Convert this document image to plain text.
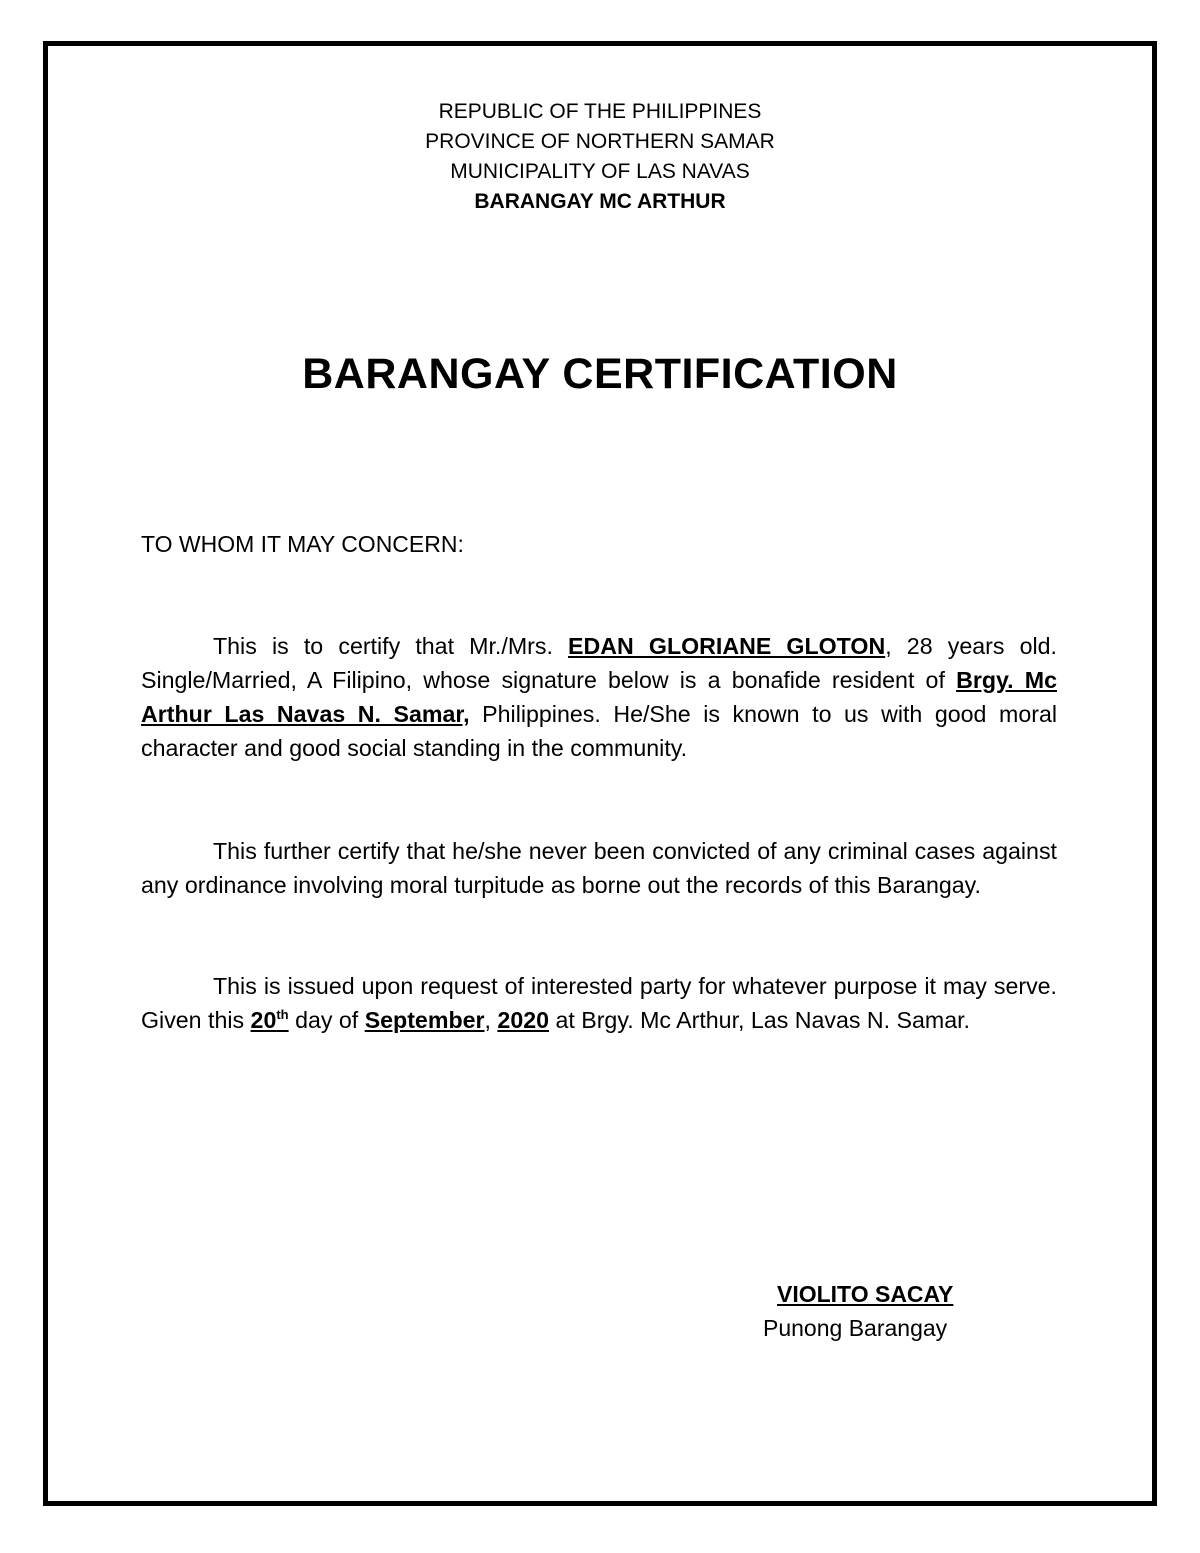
REPUBLIC OF THE PHILIPPINES
PROVINCE OF NORTHERN SAMAR
MUNICIPALITY OF LAS NAVAS
BARANGAY MC ARTHUR
BARANGAY CERTIFICATION
TO WHOM IT MAY CONCERN:

This is to certify that Mr./Mrs. EDAN GLORIANE GLOTON, 28 years old. Single/Married, A Filipino, whose signature below is a bonafide resident of Brgy. Mc Arthur Las Navas N. Samar, Philippines. He/She is known to us with good moral character and good social standing in the community.

This further certify that he/she never been convicted of any criminal cases against any ordinance involving moral turpitude as borne out the records of this Barangay.

This is issued upon request of interested party for whatever purpose it may serve. Given this 20th day of September, 2020 at Brgy. Mc Arthur, Las Navas N. Samar.

VIOLITO SACAY
Punong Barangay
